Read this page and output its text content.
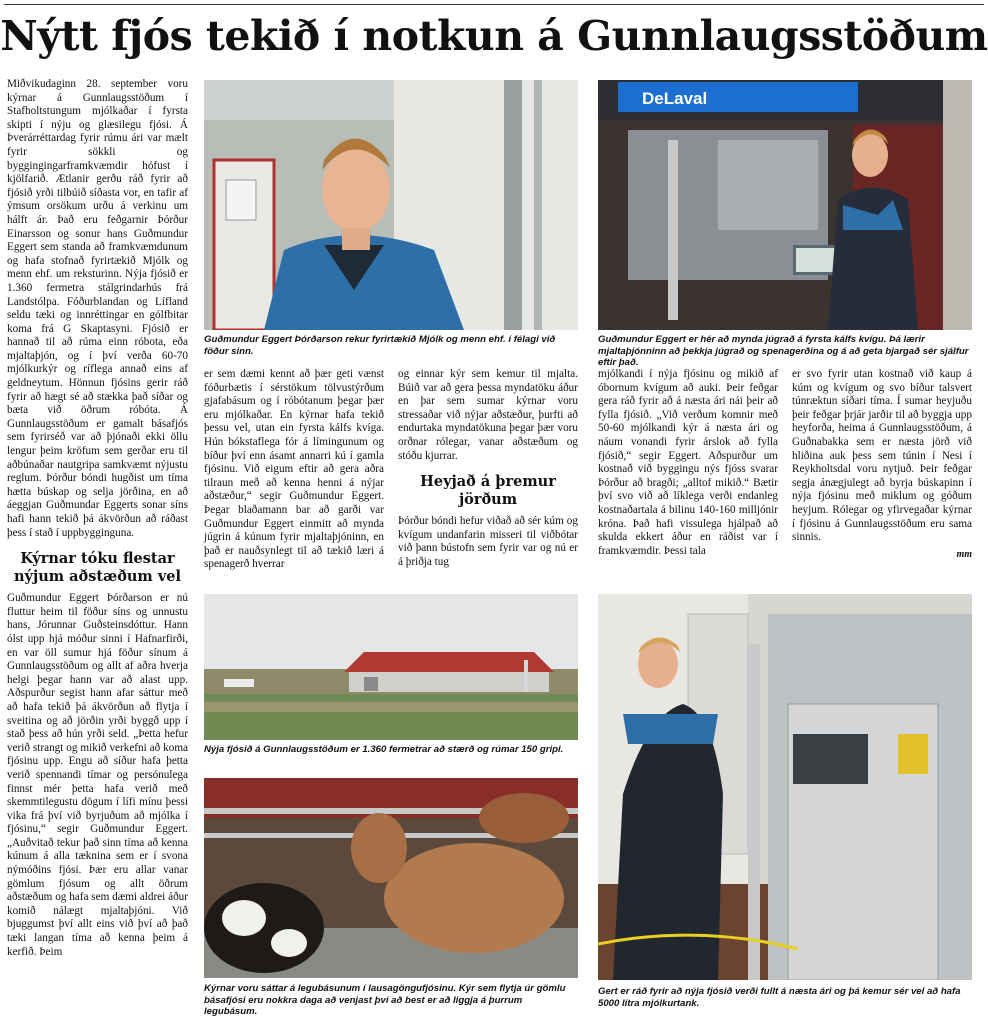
Nýtt fjós tekið í notkun á Gunnlaugsstöðum

Miðvikudaginn 28. september voru kýrnar á Gunnlaugsstöðum í Stafholtstungum mjólkaðar í fyrsta skipti í nýju og glæsilegu fjósi. Á Þverárréttardag fyrir rúmu ári var mælt fyrir sökkli og byggingingarframkvæmdir hófust í kjölfarið. Ætlanir gerðu ráð fyrir að fjósið yrði tilbúið síðasta vor, en tafir af ýmsum orsökum urðu á verkinu um hálft ár. Það eru feðgarnir Þórður Einarsson og sonur hans Guðmundur Eggert sem standa að framkvæmdunum og hafa stofnað fyrirtækið Mjólk og menn ehf. um reksturinn. Nýja fjósið er 1.360 fermetra stálgrindarhús frá Landstólpa. Fóðurblandan og Lífland seldu tæki og innréttingar en gólfbitar koma frá G Skaptasyni. Fjósið er hannað til að rúma einn róbota, eða mjaltaþjón, og í því verða 60-70 mjólkurkýr og ríflega annað eins af geldneytum. Hönnun fjósins gerir ráð fyrir að hægt sé að stækka það síðar og bæta við öðrum róbóta. Á Gunnlaugsstöðum er gamalt básafjós sem fyrirséð var að þjónaði ekki öllu lengur þeim kröfum sem gerðar eru til aðbúnaðar nautgripa samkvæmt nýjustu reglum. Þórður bóndi hugðist um tíma hætta búskap og selja jörðina, en að áeggjan Guðmundar Eggerts sonar síns hafi hann tekið þá ákvörðun að ráðast þess í stað í uppbygginguna.

Kýrnar tóku flestar nýjum aðstæðum vel

Guðmundur Eggert Þórðarson er nú fluttur heim til föður síns og unnustu hans, Jórunnar Guðsteinsdóttur. Hann ólst upp hjá móður sinni í Hafnarfirði, en var öll sumur hjá föður sínum á Gunnlaugsstöðum og allt af aðra hverja helgi þegar hann var að alast upp. Aðspurður segist hann afar sáttur með að hafa tekið þá ákvörðun að flytja í sveitina og að jörðin yrði byggð upp í stað þess að hún yrði seld. „Þetta hefur verið strangt og mikið verkefni að koma fjósinu upp. Engu að síður hafa þetta verið spennandi tímar og persónulega finnst mér þetta hafa verið með skemmtilegustu dögum í lífi mínu þessi vika frá því við byrjuðum að mjólka í fjósinu,“ segir Guðmundur Eggert. „Auðvitað tekur það sinn tíma að kenna kúnum á alla tæknina sem er í svona nýmóðins fjósi. Þær eru allar vanar gömlum fjósum og allt öðrum aðstæðum og hafa sem dæmi aldrei áður komið nálægt mjaltaþjóni. Við bjuggumst því allt eins við því að það tæki langan tíma að kenna þeim á kerfið. Þeim

Guðmundur Eggert Þórðarson rekur fyrirtækið Mjólk og menn ehf. í félagi við föður sinn.
DeLaval
Guðmundur Eggert er hér að mynda júgrað á fyrsta kálfs kvígu. Þá lærir mjaltaþjónninn að þekkja júgrað og spenagerðina og á að geta bjargað sér sjálfur eftir það.

er sem dæmi kennt að þær geti vænst fóðurbætis í sérstökum tölvustýrðum gjafabásum og í róbótanum þegar þær eru mjólkaðar. En kýrnar hafa tekið þessu vel, utan ein fyrsta kálfs kvíga. Hún bókstaflega fór á límingunum og bíður því enn ásamt annarri kú í gamla fjósinu. Við eigum eftir að gera aðra tilraun með að kenna henni á nýjar aðstæður,“ segir Guðmundur Eggert. Þegar blaðamann bar að garði var Guðmundur Eggert einmitt að mynda júgrin á kúnum fyrir mjaltaþjóninn, en það er nauðsynlegt til að tækið læri á spenagerð hverrar

og einnar kýr sem kemur til mjalta. Búið var að gera þessa myndatöku áður en þar sem sumar kýrnar voru stressaðar við nýjar aðstæður, þurfti að endurtaka myndatökuna þegar þær voru orðnar rólegar, vanar aðstæðum og stóðu kjurrar.

Heyjað á þremur jörðum

Þórður bóndi hefur viðað að sér kúm og kvígum undanfarin misseri til viðbótar við þann bústofn sem fyrir var og nú er á þriðja tug

mjólkandi í nýja fjósinu og mikið af óbornum kvígum að auki. Þeir feðgar gera ráð fyrir að á næsta ári nái þeir að fylla fjósið. „Við verðum komnir með 50-60 mjólkandi kýr á næsta ári og náum vonandi fyrir árslok að fylla fjósið,“ segir Eggert. Aðspurður um kostnað við byggingu nýs fjóss svarar Þórður að bragði; „alltof mikið.“ Bætir því svo við að líklega verði endanleg kostnaðartala á bilinu 140-160 milljónir króna. Það hafi vissulega hjálpað að skulda ekkert áður en ráðist var í framkvæmdir. Þessi tala

er svo fyrir utan kostnað við kaup á kúm og kvígum og svo bíður talsvert túnræktun síðari tíma. Í sumar heyjuðu þeir feðgar þrjár jarðir til að byggja upp heyforða, heima á Gunnlaugsstöðum, á Guðnabakka sem er næsta jörð við hliðina auk þess sem túnin í Nesi í Reykholtsdal voru nytjuð. Þeir feðgar segja ánægjulegt að byrja búskapinn í nýja fjósinu með miklum og góðum heyjum. Rólegar og yfirvegaðar kýrnar í fjósinu á Gunnlaugsstöðum eru sama sinnis.

mm
Nýja fjósið á Gunnlaugsstöðum er 1.360 fermetrar að stærð og rúmar 150 gripi.
Kýrnar voru sáttar á legubásunum í lausagöngufjósinu. Kýr sem flytja úr gömlu básafjósi eru nokkra daga að venjast því að best er að liggja á þurrum legubásum.
Gert er ráð fyrir að nýja fjósið verði fullt á næsta ári og þá kemur sér vel að hafa 5000 lítra mjólkurtank.
